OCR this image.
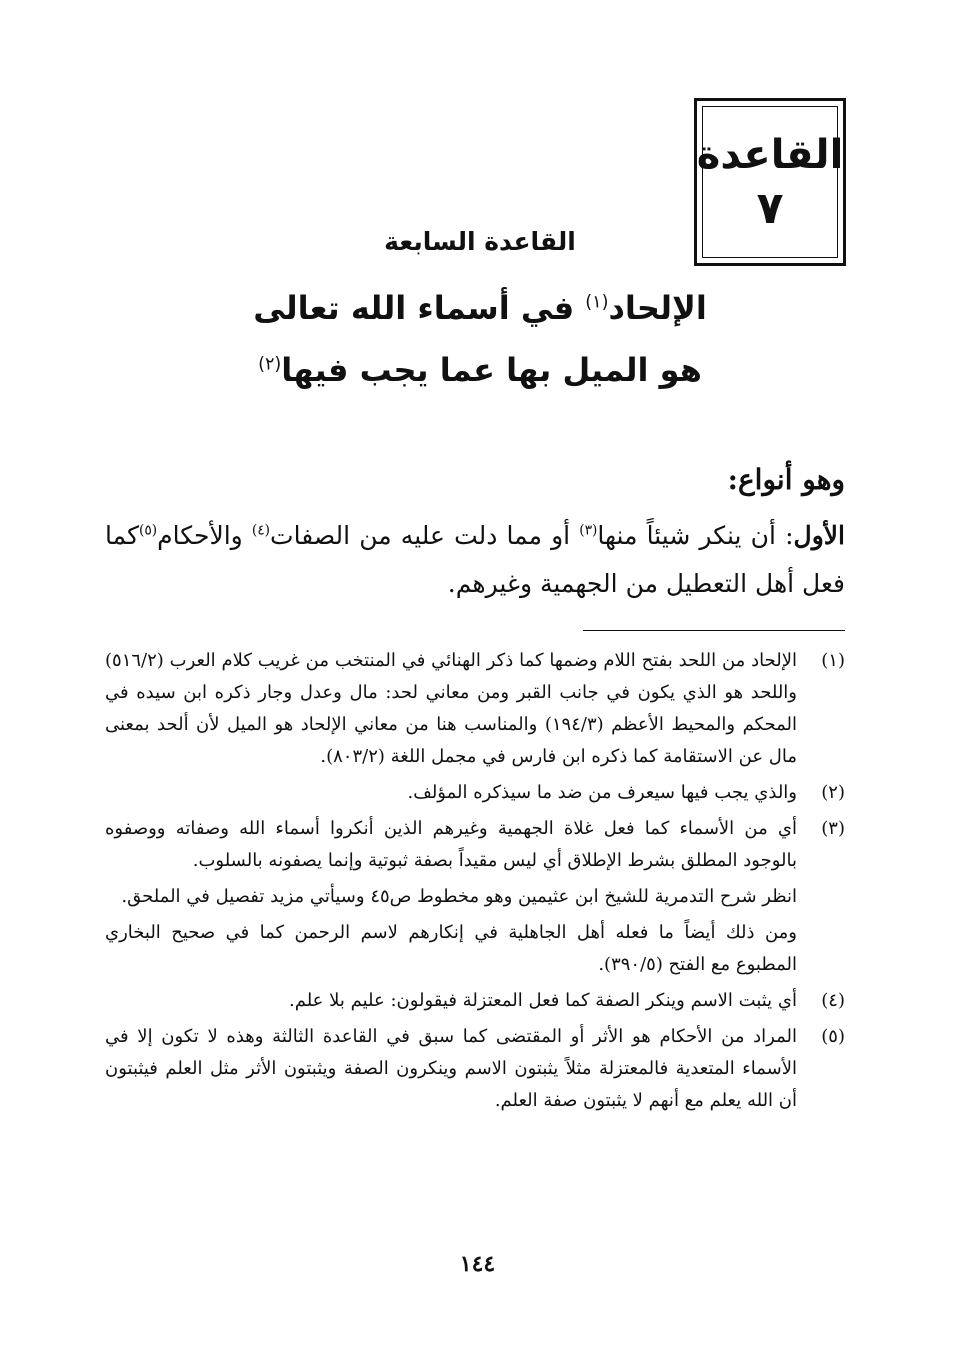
القاعدة
٧
القاعدة السابعة
الإلحاد$^{(١)}$ في أسماء الله تعالى
هو الميل بها عما يجب فيها$^{(٢)}$
وهو أنواع:
الأول: أن ينكر شيئاً منها$^{(٣)}$ أو مما دلت عليه من الصفات$^{(٤)}$ والأحكام$^{(٥)}$كما فعل أهل التعطيل من الجهمية وغيرهم.
(١)
الإلحاد من اللحد بفتح اللام وضمها كما ذكر الهنائي في المنتخب من غريب كلام العرب (٥١٦/٢) واللحد هو الذي يكون في جانب القبر ومن معاني لحد: مال وعدل وجار ذكره ابن سيده في المحكم والمحيط الأعظم (١٩٤/٣) والمناسب هنا من معاني الإلحاد هو الميل لأن ألحد بمعنى مال عن الاستقامة كما ذكره ابن فارس في مجمل اللغة (٨٠٣/٢).
(٢)
والذي يجب فيها سيعرف من ضد ما سيذكره المؤلف.
(٣)
أي من الأسماء كما فعل غلاة الجهمية وغيرهم الذين أنكروا أسماء الله وصفاته ووصفوه بالوجود المطلق بشرط الإطلاق أي ليس مقيداً بصفة ثبوتية وإنما يصفونه بالسلوب.
انظر شرح التدمرية للشيخ ابن عثيمين وهو مخطوط ص٤٥ وسيأتي مزيد تفصيل في الملحق.
ومن ذلك أيضاً ما فعله أهل الجاهلية في إنكارهم لاسم الرحمن كما في صحيح البخاري المطبوع مع الفتح (٣٩٠/٥).
(٤)
أي يثبت الاسم وينكر الصفة كما فعل المعتزلة فيقولون: عليم بلا علم.
(٥)
المراد من الأحكام هو الأثر أو المقتضى كما سبق في القاعدة الثالثة وهذه لا تكون إلا في الأسماء المتعدية فالمعتزلة مثلاً يثبتون الاسم وينكرون الصفة ويثبتون الأثر مثل العلم فيثبتون أن الله يعلم مع أنهم لا يثبتون صفة العلم.
١٤٤
